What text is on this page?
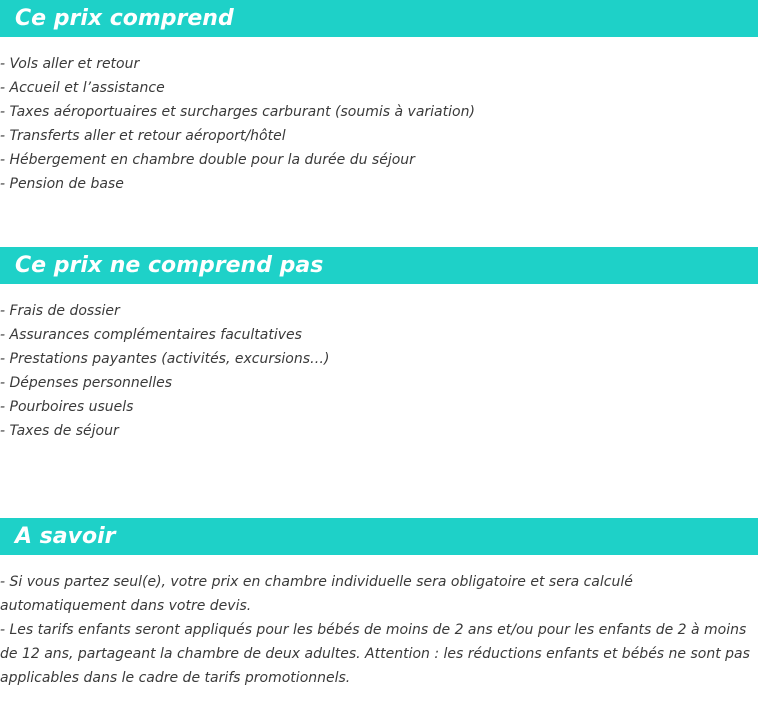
Ce prix comprend
- Vols aller et retour
- Accueil et l’assistance
- Taxes aéroportuaires et surcharges carburant (soumis à variation)
- Transferts aller et retour aéroport/hôtel
- Hébergement en chambre double pour la durée du séjour
- Pension de base
Ce prix ne comprend pas
- Frais de dossier
- Assurances complémentaires facultatives
- Prestations payantes (activités, excursions…)
- Dépenses personnelles
- Pourboires usuels
- Taxes de séjour
A savoir

- Si vous partez seul(e), votre prix en chambre individuelle sera obligatoire et sera calculé automatiquement dans votre devis.

- Les tarifs enfants seront appliqués pour les bébés de moins de 2 ans et/ou pour les enfants de 2 à moins de 12 ans, partageant la chambre de deux adultes. Attention : les réductions enfants et bébés ne sont pas applicables dans le cadre de tarifs promotionnels.
